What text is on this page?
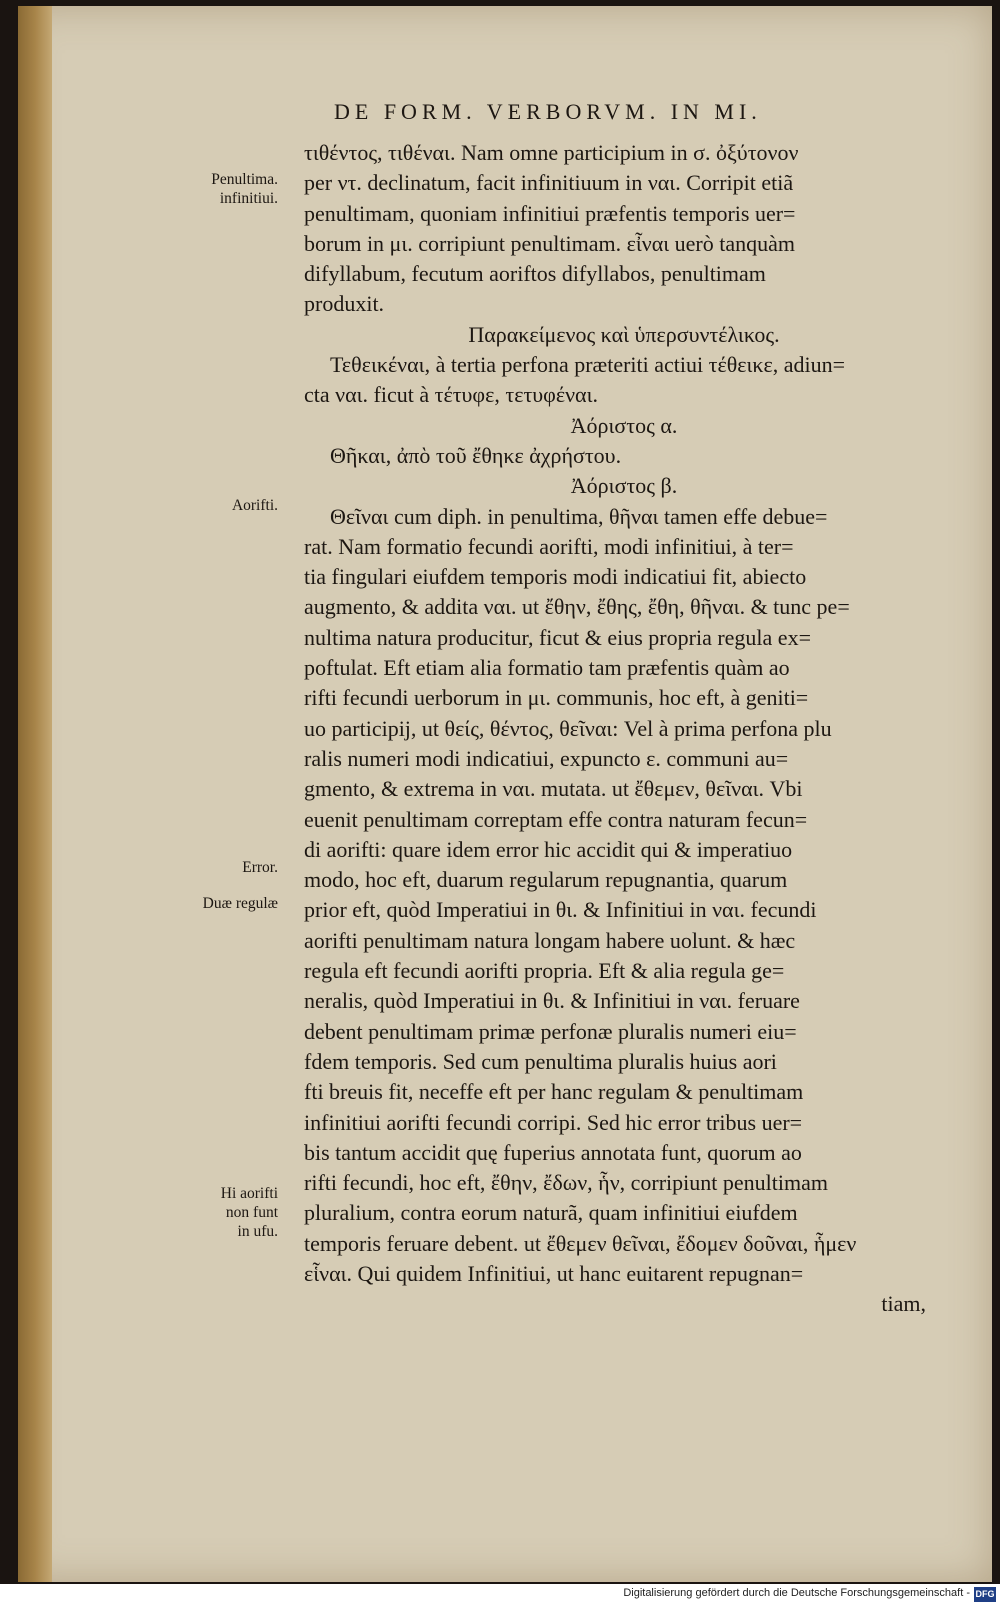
DE FORM. VERBORVM. IN MI.
Penultima.
infinitiui.
Aorifti.
Error.
Duæ regulæ
Hi aorifti
non funt
in ufu.
τιθέντος, τιθέναι. Nam omne participium in σ. ὀξύτονον
per ντ. declinatum, facit infinitiuum in ναι. Corripit etiã
penultimam, quoniam infinitiui præfentis temporis uer=
borum in μι. corripiunt penultimam. εἶναι uerò tanquàm
difyllabum, fecutum aoriftos difyllabos, penultimam
produxit.
Παρακείμενος καὶ ὑπερσυντέλικος.
Τεθεικέναι, à tertia perfona præteriti actiui τέθεικε, adiun=
cta ναι. ficut à τέτυφε, τετυφέναι.
Ἀόριστος α.
Θῆκαι, ἀπὸ τοῦ ἔθηκε ἀχρήστου.
Ἀόριστος β.
Θεῖναι cum diph. in penultima, θῆναι tamen effe debue=
rat. Nam formatio fecundi aorifti, modi infinitiui, à ter=
tia fingulari eiufdem temporis modi indicatiui fit, abiecto
augmento, & addita ναι. ut ἔθην, ἔθης, ἔθη, θῆναι. & tunc pe=
nultima natura producitur, ficut & eius propria regula ex=
poftulat. Eft etiam alia formatio tam præfentis quàm ao
rifti fecundi uerborum in μι. communis, hoc eft, à geniti=
uo participij, ut θείς, θέντος, θεῖναι: Vel à prima perfona plu
ralis numeri modi indicatiui, expuncto ε. communi au=
gmento, & extrema in ναι. mutata. ut ἔθεμεν, θεῖναι. Vbi
euenit penultimam correptam effe contra naturam fecun=
di aorifti: quare idem error hic accidit qui & imperatiuo
modo, hoc eft, duarum regularum repugnantia, quarum
prior eft, quòd Imperatiui in θι. & Infinitiui in ναι. fecundi
aorifti penultimam natura longam habere uolunt. & hæc
regula eft fecundi aorifti propria. Eft & alia regula ge=
neralis, quòd Imperatiui in θι. & Infinitiui in ναι. feruare
debent penultimam primæ perfonæ pluralis numeri eiu=
fdem temporis. Sed cum penultima pluralis huius aori
fti breuis fit, neceffe eft per hanc regulam & penultimam
infinitiui aorifti fecundi corripi. Sed hic error tribus uer=
bis tantum accidit quę fuperius annotata funt, quorum ao
rifti fecundi, hoc eft, ἔθην, ἔδων, ἧν, corripiunt penultimam
pluralium, contra eorum naturã, quam infinitiui eiufdem
temporis feruare debent. ut ἔθεμεν θεῖναι, ἔδομεν δοῦναι, ἧμεν
εἷναι. Qui quidem Infinitiui, ut hanc euitarent repugnan=
tiam,
Digitalisierung gefördert durch die Deutsche Forschungsgemeinschaft - DFG
